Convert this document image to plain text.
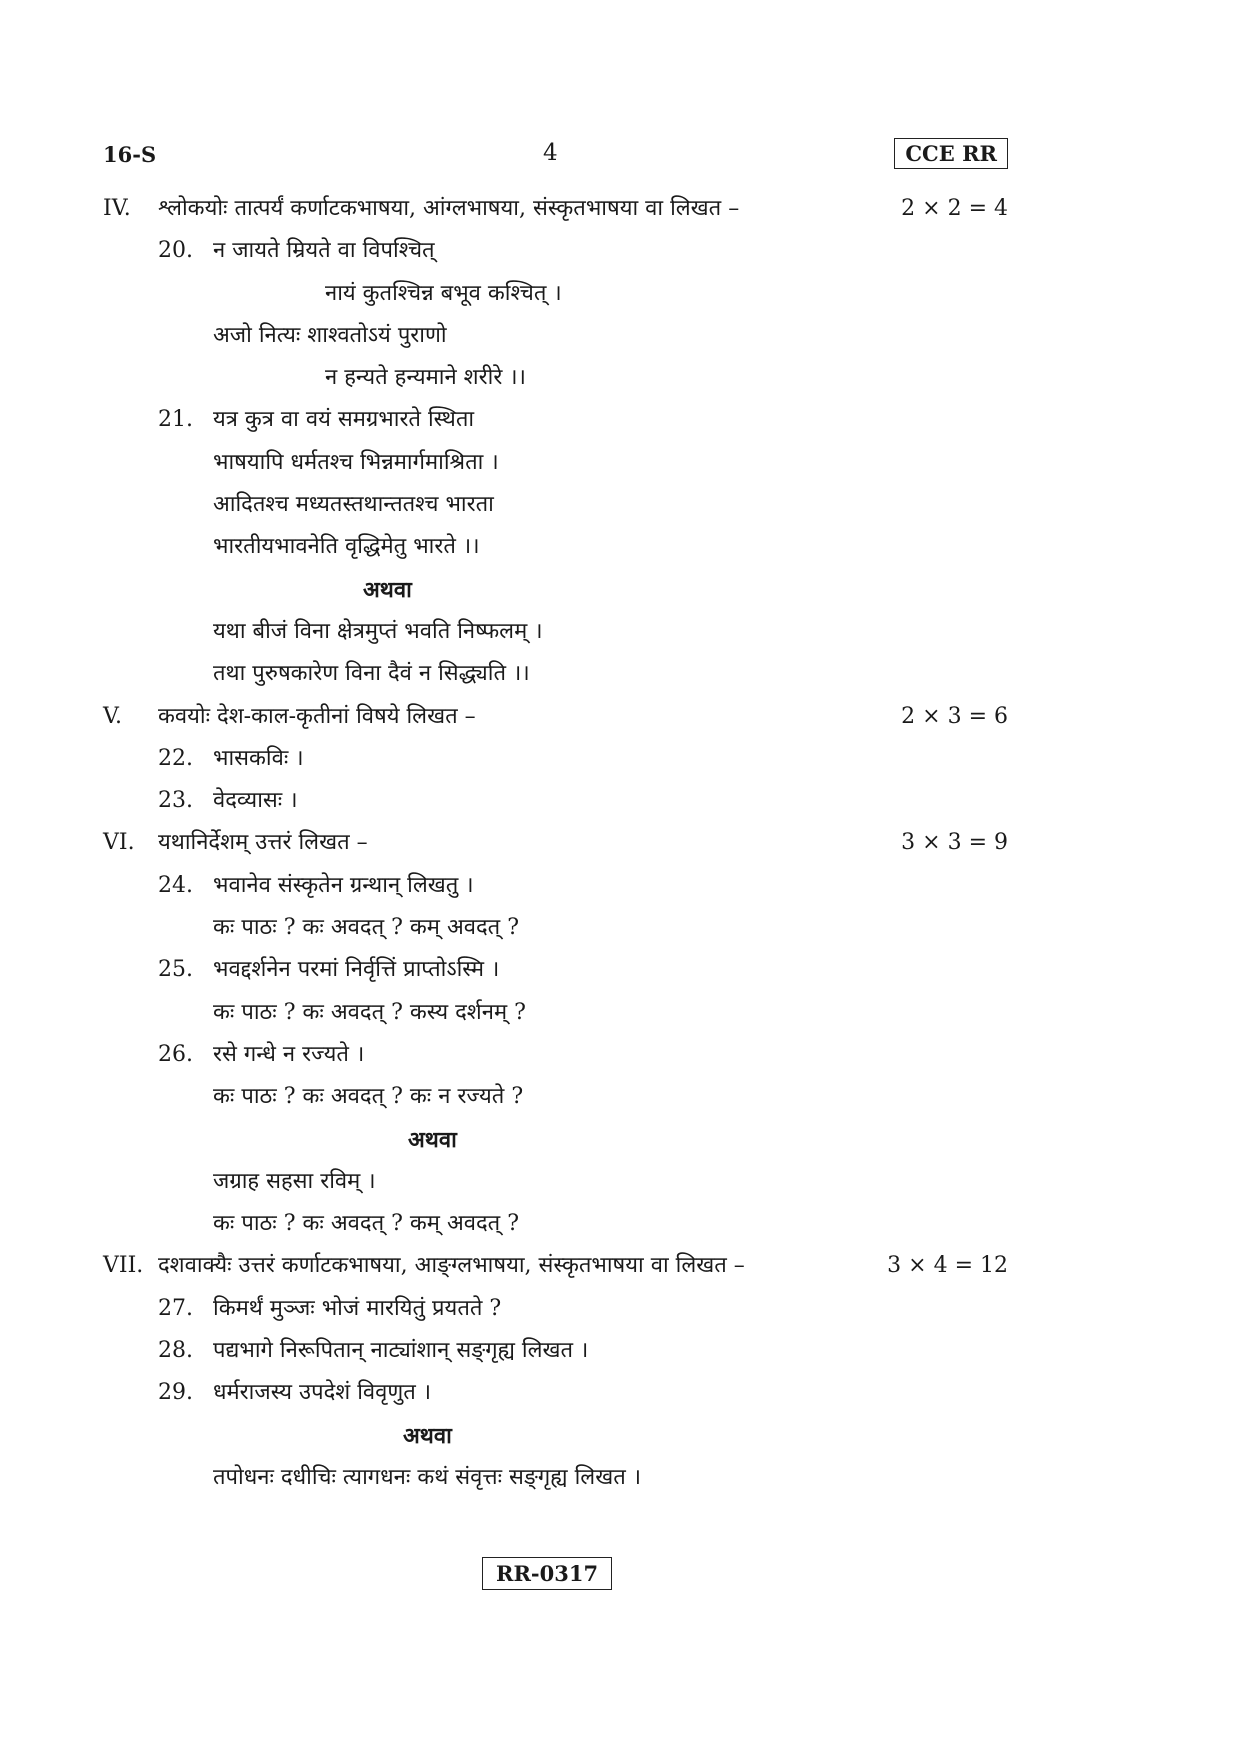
16-S	4	CCE RR
IV.	श्लोकयोः तात्पर्यं कर्णाटकभाषया, आंग्लभाषया, संस्कृतभाषया वा लिखत –	2 × 2 = 4
20. न जायते म्रियते वा विपश्चित्
नायं कुतश्चिन्न बभूव कश्चित् ।
अजो नित्यः शाश्वतोऽयं पुराणो
न हन्यते हन्यमाने शरीरे ।।
21. यत्र कुत्र वा वयं समग्रभारते स्थिता
भाषयापि धर्मतश्च भिन्नमार्गमाश्रिता ।
आदितश्च मध्यतस्तथान्ततश्च भारता
भारतीयभावनेति वृद्धिमेतु भारते ।।
अथवा
यथा बीजं विना क्षेत्रमुप्तं भवति निष्फलम् ।
तथा पुरुषकारेण विना दैवं न सिद्ध्यति ।।
V.	कवयोः देश-काल-कृतीनां विषये लिखत –	2 × 3 = 6
22. भासकविः ।
23. वेदव्यासः ।
VI.	यथानिर्देशम् उत्तरं लिखत –	3 × 3 = 9
24. भवानेव संस्कृतेन ग्रन्थान् लिखतु ।
कः पाठः ? कः अवदत् ? कम् अवदत् ?
25. भवद्दर्शनेन परमां निर्वृत्तिं प्राप्तोऽस्मि ।
कः पाठः ? कः अवदत् ? कस्य दर्शनम् ?
26. रसे गन्धे न रज्यते ।
कः पाठः ? कः अवदत् ? कः न रज्यते ?
अथवा
जग्राह सहसा रविम् ।
कः पाठः ? कः अवदत् ? कम् अवदत् ?
VII. दशवाक्यैः उत्तरं कर्णाटकभाषया, आङ्ग्लभाषया, संस्कृतभाषया वा लिखत –	3 × 4 = 12
27. किमर्थं मुञ्जः भोजं मारयितुं प्रयतते ?
28. पद्यभागे निरूपितान् नाट्यांशान् सङ्गृह्य लिखत ।
29. धर्मराजस्य उपदेशं विवृणुत ।
अथवा
तपोधनः दधीचिः त्यागधनः कथं संवृत्तः सङ्गृह्य लिखत ।
RR-0317
